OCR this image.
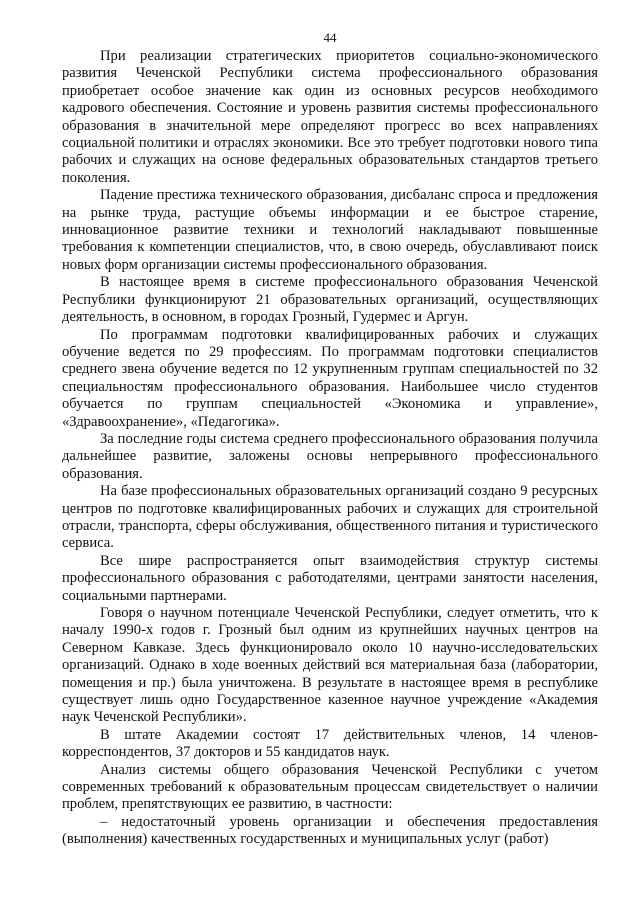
44

При реализации стратегических приоритетов социально-экономического развития Чеченской Республики система профессионального образования приобретает особое значение как один из основных ресурсов необходимого кадрового обеспечения. Состояние и уровень развития системы профессионального образования в значительной мере определяют прогресс во всех направлениях социальной политики и отраслях экономики. Все это требует подготовки нового типа рабочих и служащих на основе федеральных образовательных стандартов третьего поколения.

Падение престижа технического образования, дисбаланс спроса и предложения на рынке труда, растущие объемы информации и ее быстрое старение, инновационное развитие техники и технологий накладывают повышенные требования к компетенции специалистов, что, в свою очередь, обуславливают поиск новых форм организации системы профессионального образования.

В настоящее время в системе профессионального образования Чеченской Республики функционируют 21 образовательных организаций, осуществляющих деятельность, в основном, в городах Грозный, Гудермес и Аргун.

По программам подготовки квалифицированных рабочих и служащих обучение ведется по 29 профессиям. По программам подготовки специалистов среднего звена обучение ведется по 12 укрупненным группам специальностей по 32 специальностям профессионального образования. Наибольшее число студентов обучается по группам специальностей «Экономика и управление», «Здравоохранение», «Педагогика».

За последние годы система среднего профессионального образования получила дальнейшее развитие, заложены основы непрерывного профессионального образования.

На базе профессиональных образовательных организаций создано 9 ресурсных центров по подготовке квалифицированных рабочих и служащих для строительной отрасли, транспорта, сферы обслуживания, общественного питания и туристического сервиса.

Все шире распространяется опыт взаимодействия структур системы профессионального образования с работодателями, центрами занятости населения, социальными партнерами.

Говоря о научном потенциале Чеченской Республики, следует отметить, что к началу 1990-х годов г. Грозный был одним из крупнейших научных центров на Северном Кавказе. Здесь функционировало около 10 научно-исследовательских организаций. Однако в ходе военных действий вся материальная база (лаборатории, помещения и пр.) была уничтожена. В результате в настоящее время в республике существует лишь одно Государственное казенное научное учреждение «Академия наук Чеченской Республики».

В штате Академии состоят 17 действительных членов, 14 членов-корреспондентов, 37 докторов и 55 кандидатов наук.

Анализ системы общего образования Чеченской Республики с учетом современных требований к образовательным процессам свидетельствует о наличии проблем, препятствующих ее развитию, в частности:

– недостаточный уровень организации и обеспечения предоставления (выполнения) качественных государственных и муниципальных услуг (работ)
